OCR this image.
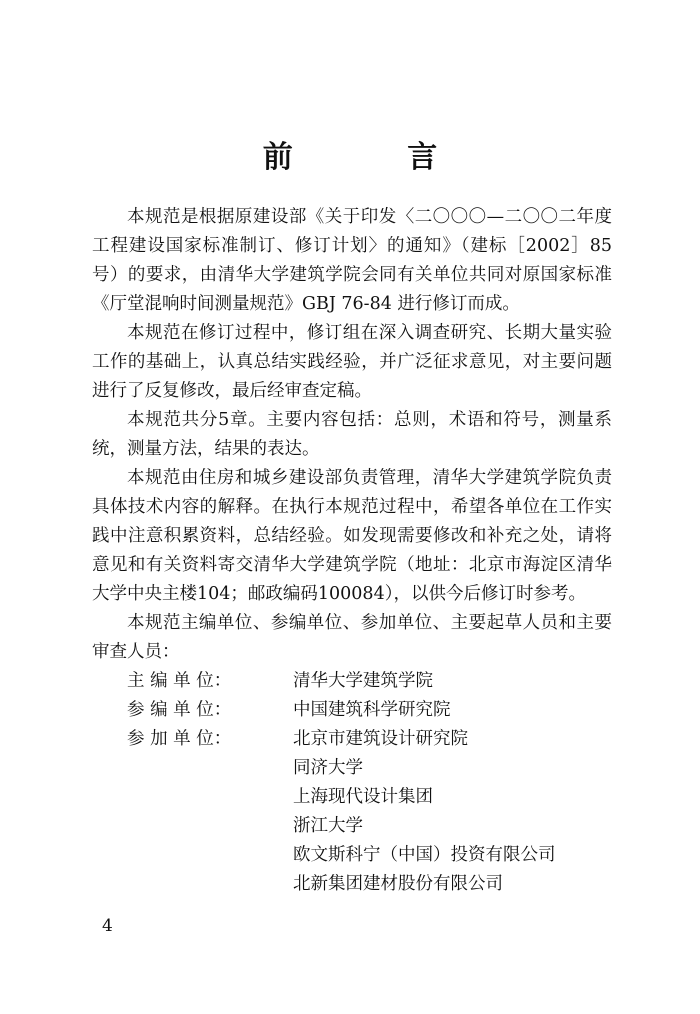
前 言

本规范是根据原建设部《关于印发〈二〇〇〇—二〇〇二年度工程建设国家标准制订、修订计划〉的通知》（建标［2002］85号）的要求，由清华大学建筑学院会同有关单位共同对原国家标准《厅堂混响时间测量规范》GBJ 76-84 进行修订而成。

本规范在修订过程中，修订组在深入调查研究、长期大量实验工作的基础上，认真总结实践经验，并广泛征求意见，对主要问题进行了反复修改，最后经审查定稿。

本规范共分5章。主要内容包括：总则，术语和符号，测量系统，测量方法，结果的表达。

本规范由住房和城乡建设部负责管理，清华大学建筑学院负责具体技术内容的解释。在执行本规范过程中，希望各单位在工作实践中注意积累资料，总结经验。如发现需要修改和补充之处，请将意见和有关资料寄交清华大学建筑学院（地址：北京市海淀区清华大学中央主楼104；邮政编码100084），以供今后修订时参考。

本规范主编单位、参编单位、参加单位、主要起草人员和主要审查人员：

主 编 单 位：	清华大学建筑学院
参 编 单 位：	中国建筑科学研究院
参 加 单 位：	北京市建筑设计研究院
同济大学
上海现代设计集团
浙江大学
欧文斯科宁（中国）投资有限公司
北新集团建材股份有限公司
4
